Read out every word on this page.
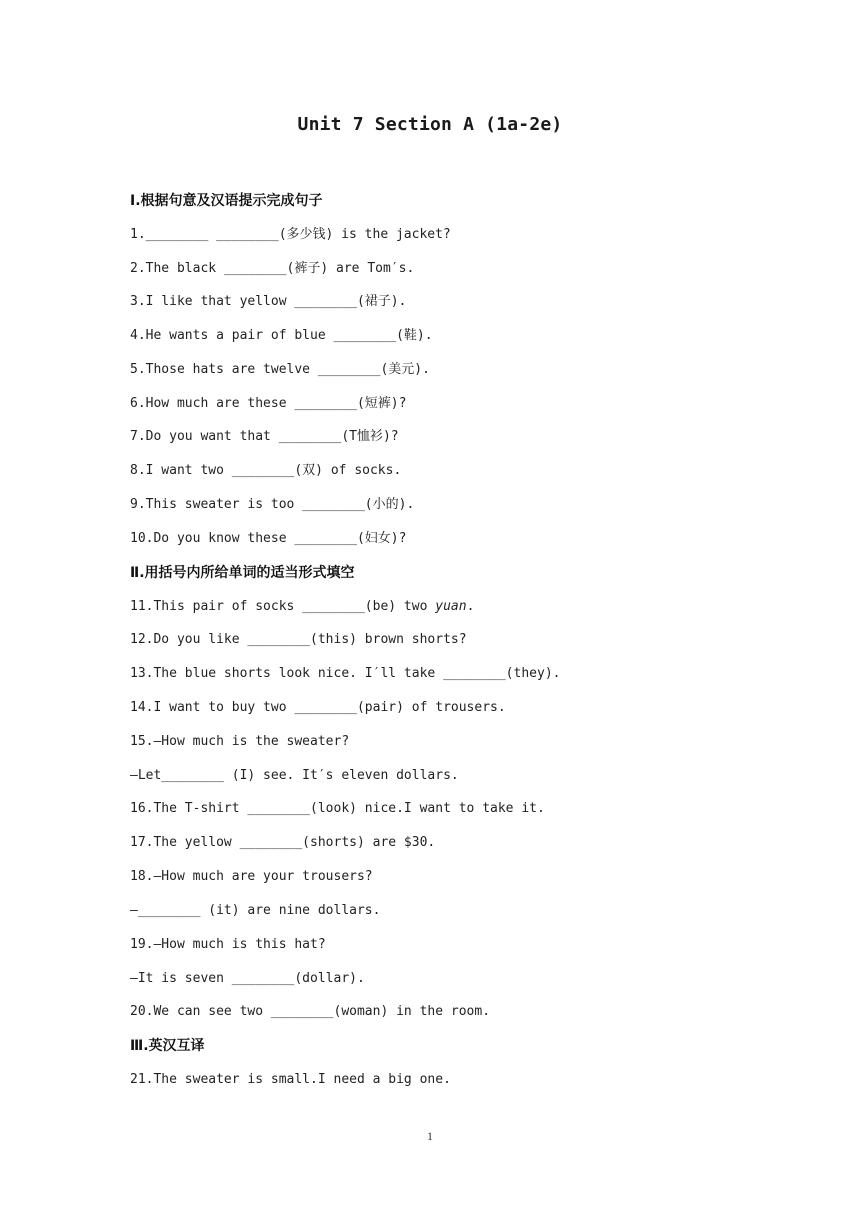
Unit 7 Section A (1a-2e)
Ⅰ.根据句意及汉语提示完成句子
1.________ ________(多少钱) is the jacket?
2.The black ________(裤子) are Tom′s.
3.I like that yellow ________(裙子).
4.He wants a pair of blue ________(鞋).
5.Those hats are twelve ________(美元).
6.How much are these ________(短裤)?
7.Do you want that ________(T恤衫)?
8.I want two ________(双) of socks.
9.This sweater is too ________(小的).
10.Do you know these ________(妇女)?
Ⅱ.用括号内所给单词的适当形式填空
11.This pair of socks ________(be) two yuan.
12.Do you like ________(this) brown shorts?
13.The blue shorts look nice. I′ll take ________(they).
14.I want to buy two ________(pair) of trousers.
15.—How much is the sweater?
—Let________ (I) see. It′s eleven dollars.
16.The T-shirt ________(look) nice.I want to take it.
17.The yellow ________(shorts) are $30.
18.—How much are your trousers?
—________ (it) are nine dollars.
19.—How much is this hat?
—It is seven ________(dollar).
20.We can see two ________(woman) in the room.
Ⅲ.英汉互译
21.The sweater is small.I need a big one.
1
